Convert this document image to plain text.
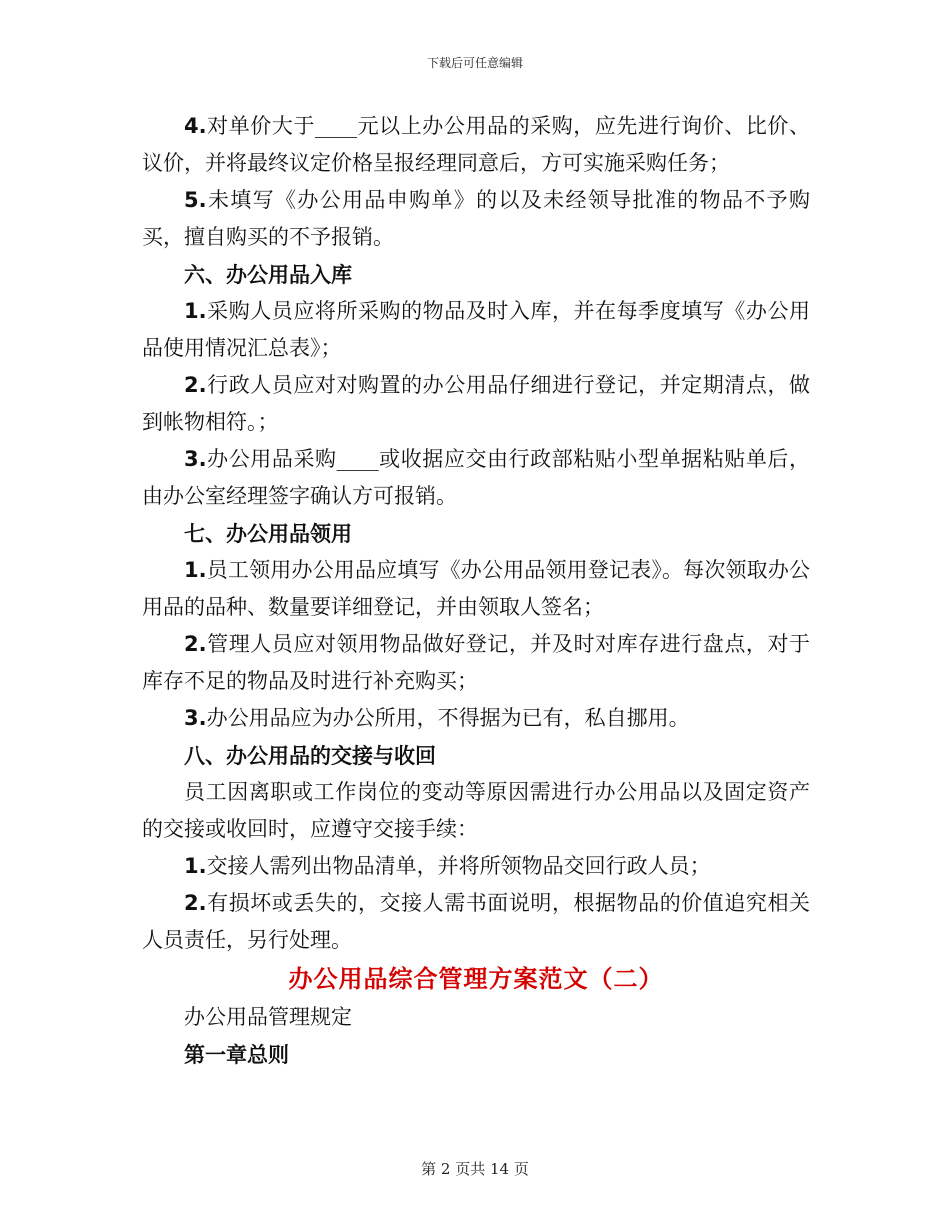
下载后可任意编辑

4.对单价大于____元以上办公用品的采购，应先进行询价、比价、议价，并将最终议定价格呈报经理同意后，方可实施采购任务；

5.未填写《办公用品申购单》的以及未经领导批准的物品不予购买，擅自购买的不予报销。

六、办公用品入库

1.采购人员应将所采购的物品及时入库，并在每季度填写《办公用品使用情况汇总表》；

2.行政人员应对对购置的办公用品仔细进行登记，并定期清点，做到帐物相符。；

3.办公用品采购____或收据应交由行政部粘贴小型单据粘贴单后，由办公室经理签字确认方可报销。

七、办公用品领用

1.员工领用办公用品应填写《办公用品领用登记表》。每次领取办公用品的品种、数量要详细登记，并由领取人签名；

2.管理人员应对领用物品做好登记，并及时对库存进行盘点，对于库存不足的物品及时进行补充购买；

3.办公用品应为办公所用，不得据为已有，私自挪用。

八、办公用品的交接与收回

员工因离职或工作岗位的变动等原因需进行办公用品以及固定资产的交接或收回时，应遵守交接手续：

1.交接人需列出物品清单，并将所领物品交回行政人员；

2.有损坏或丢失的，交接人需书面说明，根据物品的价值追究相关人员责任，另行处理。

办公用品综合管理方案范文（二）

办公用品管理规定

第一章总则

第 2 页共 14 页
